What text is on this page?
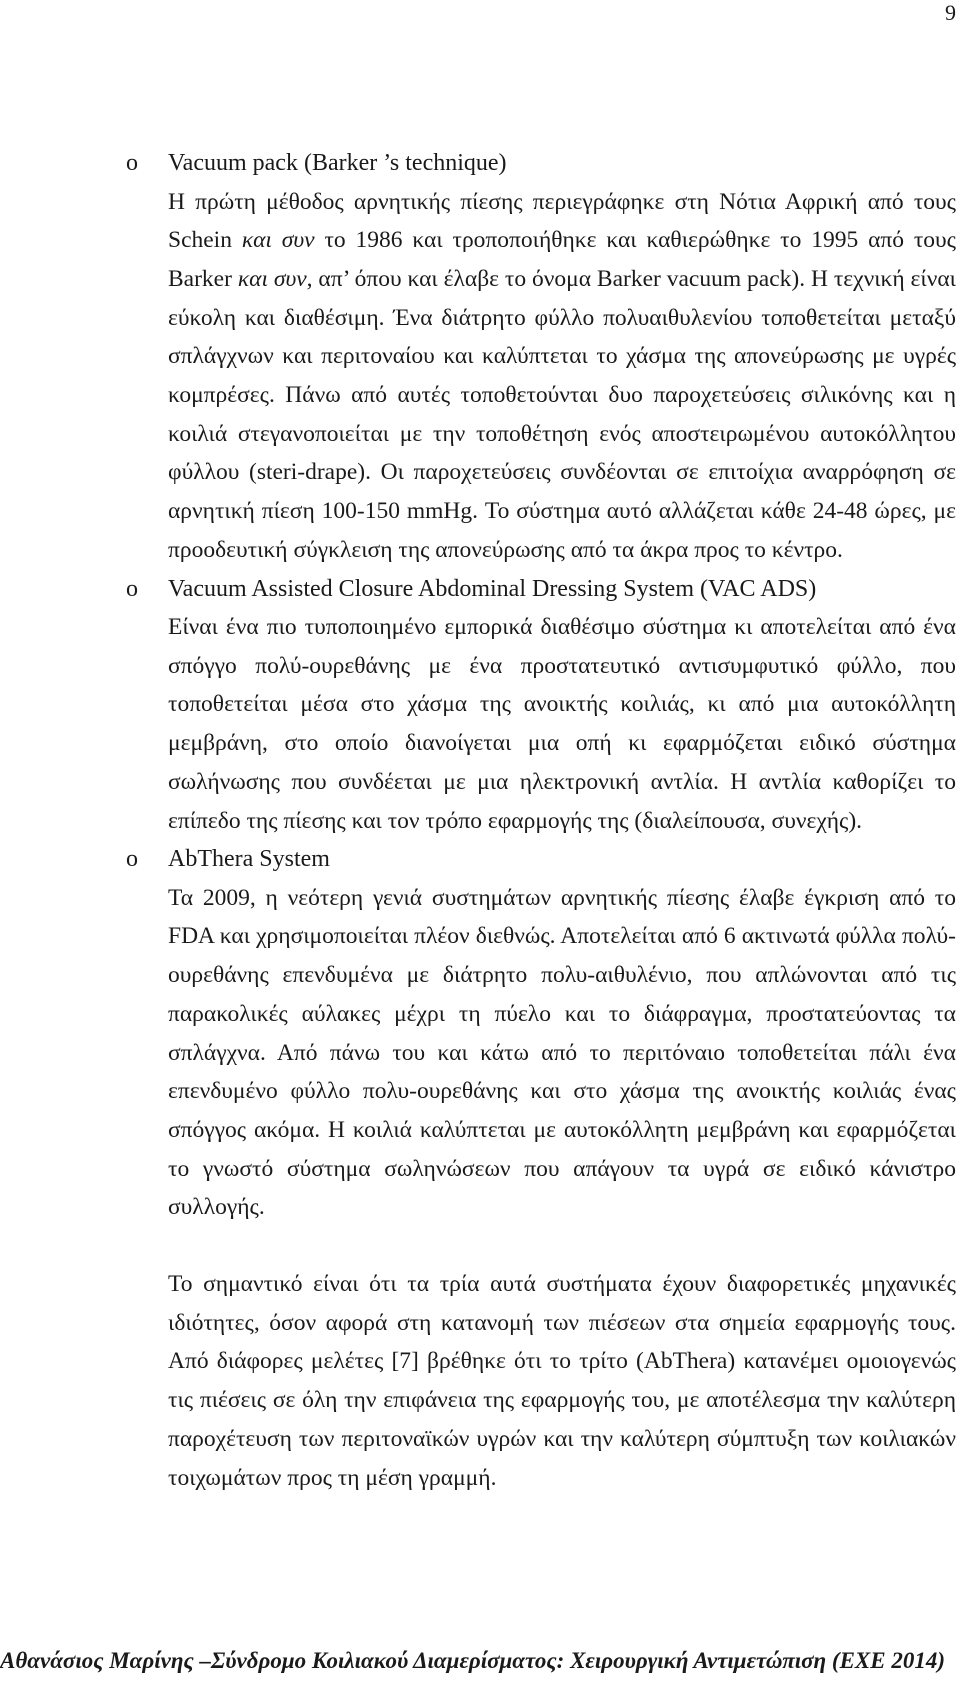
9
o Vacuum pack (Barker ’s technique)

Η πρώτη μέθοδος αρνητικής πίεσης περιεγράφηκε στη Νότια Αφρική από τους Schein και συν το 1986 και τροποποιήθηκε και καθιερώθηκε το 1995 από τους Barker και συν, απ’ όπου και έλαβε το όνομα Barker vacuum pack). Η τεχνική είναι εύκολη και διαθέσιμη. Ένα διάτρητο φύλλο πολυαιθυλενίου τοποθετείται μεταξύ σπλάγχνων και περιτοναίου και καλύπτεται το χάσμα της απονεύρωσης με υγρές κομπρέσες. Πάνω από αυτές τοποθετούνται δυο παροχετεύσεις σιλικόνης και η κοιλιά στεγανοποιείται με την τοποθέτηση ενός αποστειρωμένου αυτοκόλλητου φύλλου (steri-drape). Οι παροχετεύσεις συνδέονται σε επιτοίχια αναρρόφηση σε αρνητική πίεση 100-150 mmHg. Το σύστημα αυτό αλλάζεται κάθε 24-48 ώρες, με προοδευτική σύγκλειση της απονεύρωσης από τα άκρα προς το κέντρο.

o Vacuum Assisted Closure Abdominal Dressing System (VAC ADS)

Είναι ένα πιο τυποποιημένο εμπορικά διαθέσιμο σύστημα κι αποτελείται από ένα σπόγγο πολύ-ουρεθάνης με ένα προστατευτικό αντισυμφυτικό φύλλο, που τοποθετείται μέσα στο χάσμα της ανοικτής κοιλιάς, κι από μια αυτοκόλλητη μεμβράνη, στο οποίο διανοίγεται μια οπή κι εφαρμόζεται ειδικό σύστημα σωλήνωσης που συνδέεται με μια ηλεκτρονική αντλία. Η αντλία καθορίζει το επίπεδο της πίεσης και τον τρόπο εφαρμογής της (διαλείπουσα, συνεχής).

o AbThera System

Τα 2009, η νεότερη γενιά συστημάτων αρνητικής πίεσης έλαβε έγκριση από το FDA και χρησιμοποιείται πλέον διεθνώς. Αποτελείται από 6 ακτινωτά φύλλα πολύ-ουρεθάνης επενδυμένα με διάτρητο πολυ-αιθυλένιο, που απλώνονται από τις παρακολικές αύλακες μέχρι τη πύελο και το διάφραγμα, προστατεύοντας τα σπλάγχνα. Από πάνω του και κάτω από το περιτόναιο τοποθετείται πάλι ένα επενδυμένο φύλλο πολυ-ουρεθάνης και στο χάσμα της ανοικτής κοιλιάς ένας σπόγγος ακόμα. Η κοιλιά καλύπτεται με αυτοκόλλητη μεμβράνη και εφαρμόζεται το γνωστό σύστημα σωληνώσεων που απάγουν τα υγρά σε ειδικό κάνιστρο συλλογής.

Το σημαντικό είναι ότι τα τρία αυτά συστήματα έχουν διαφορετικές μηχανικές ιδιότητες, όσον αφορά στη κατανομή των πιέσεων στα σημεία εφαρμογής τους. Από διάφορες μελέτες [7] βρέθηκε ότι το τρίτο (AbThera) κατανέμει ομοιογενώς τις πιέσεις σε όλη την επιφάνεια της εφαρμογής του, με αποτέλεσμα την καλύτερη παροχέτευση των περιτοναϊκών υγρών και την καλύτερη σύμπτυξη των κοιλιακών τοιχωμάτων προς τη μέση γραμμή.

Αθανάσιος Μαρίνης –Σύνδρομο Κοιλιακού Διαμερίσματος: Χειρουργική Αντιμετώπιση (ΕΧΕ 2014)
